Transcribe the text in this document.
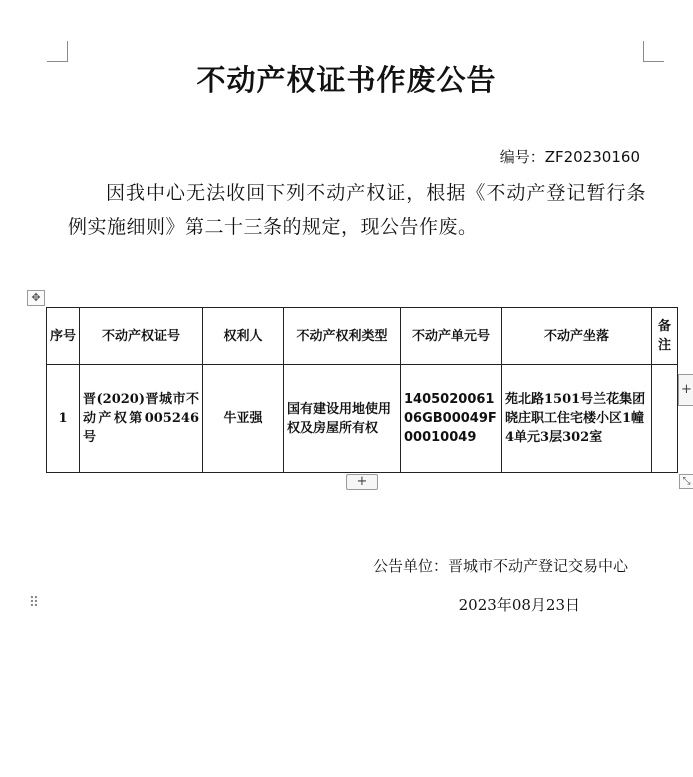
不动产权证书作废公告
编号：ZF20230160
因我中心无法收回下列不动产权证，根据《不动产登记暂行条例实施细则》第二十三条的规定，现公告作废。
✥
序号	不动产权证号	权利人	不动产权利类型	不动产单元号	不动产坐落	备注
1	晋(2020)晋城市不动产权第005246号	牛亚强	国有建设用地使用权及房屋所有权	140502006106GB00049F00010049	苑北路1501号兰花集团晓庄职工住宅楼小区1幢4单元3层302室	
+
+
⤡
⠿
公告单位：晋城市不动产登记交易中心
2023年08月23日
